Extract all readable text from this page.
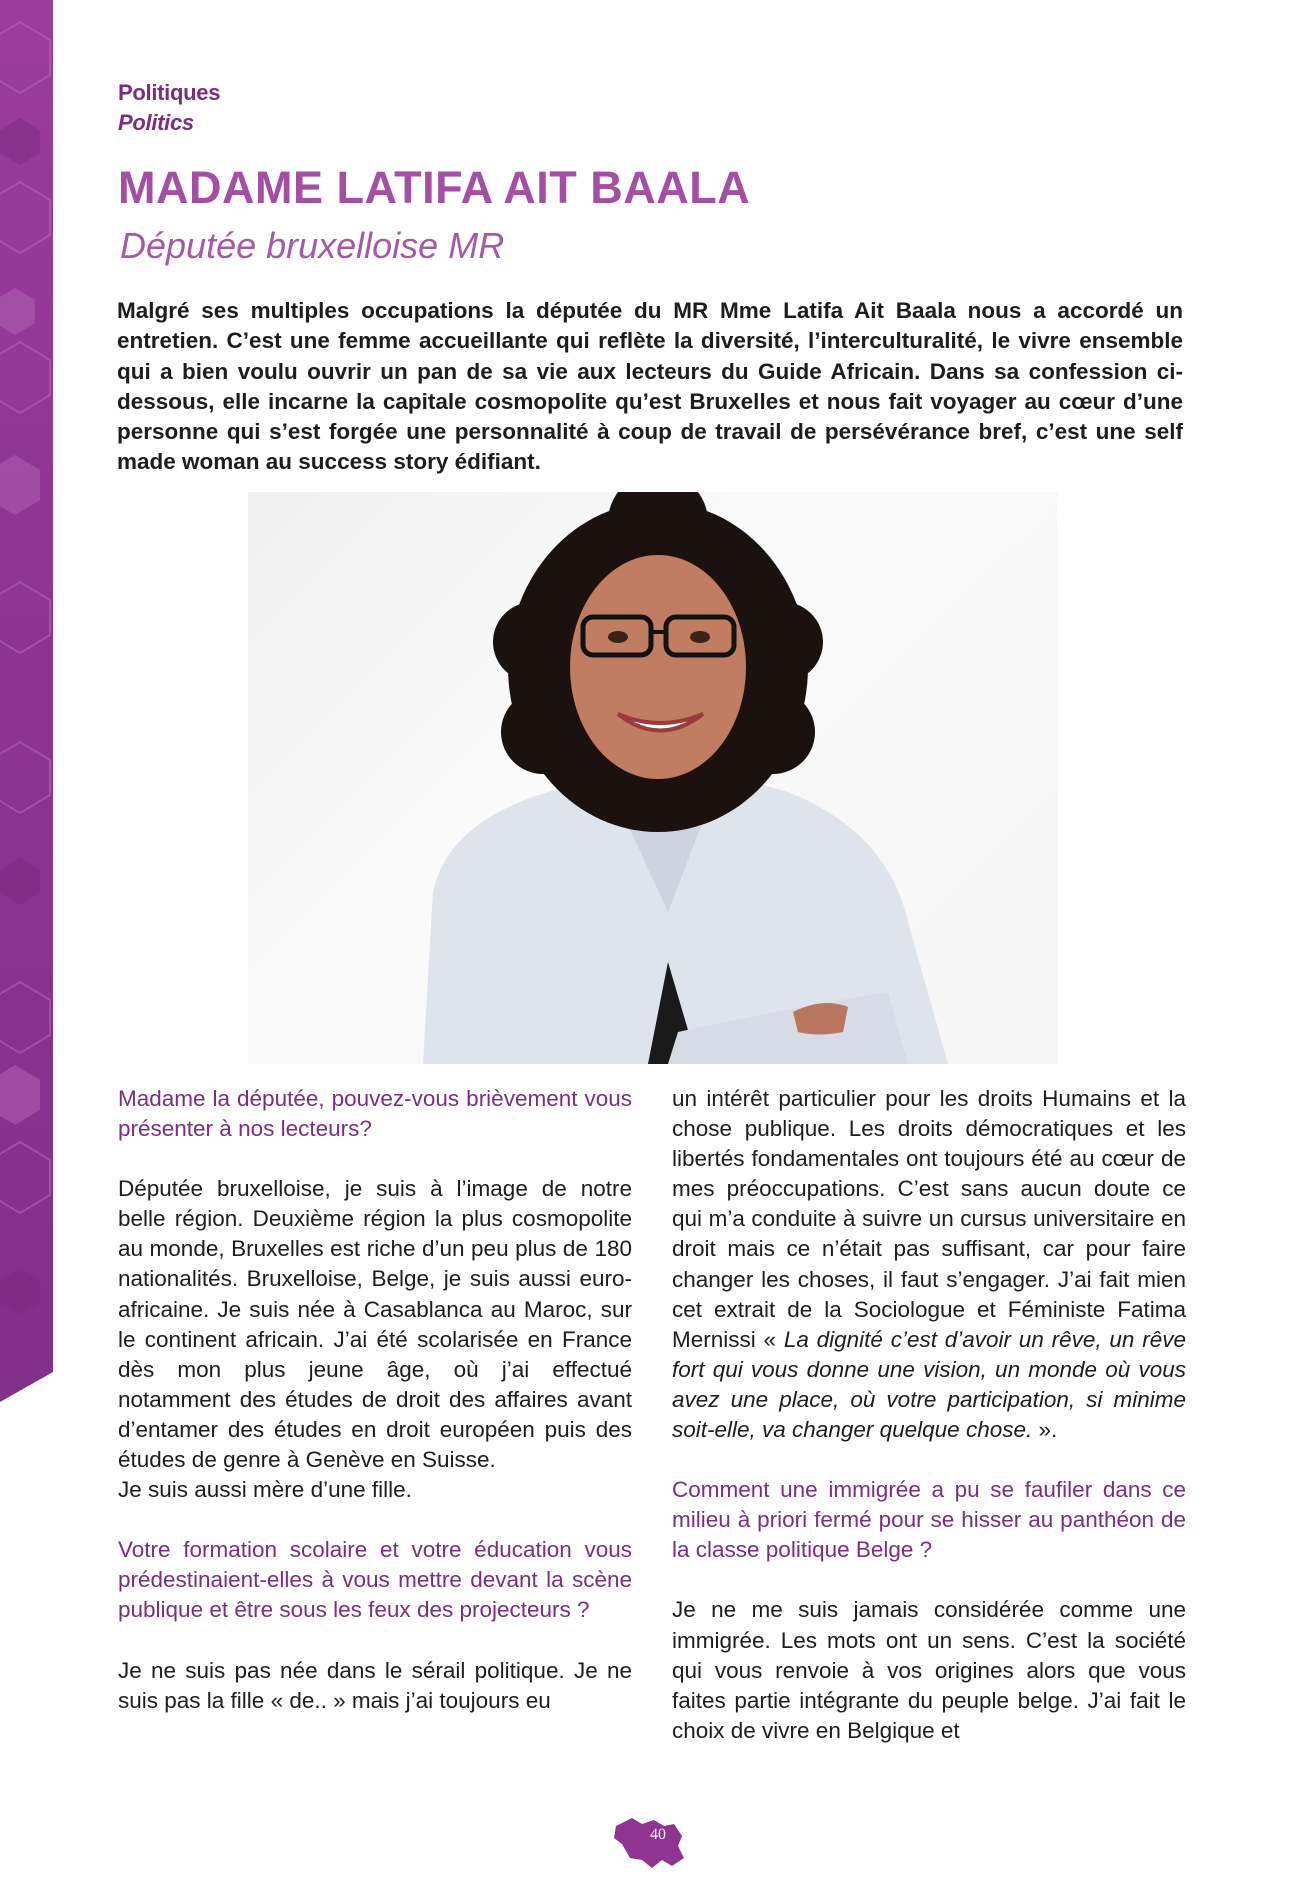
Politiques
Politics
MADAME LATIFA AIT BAALA
Députée bruxelloise MR
Malgré ses multiples occupations la députée du MR Mme Latifa Ait Baala nous a accordé un entretien. C’est une femme accueillante qui reflète la diversité, l’interculturalité, le vivre ensemble qui a bien voulu ouvrir un pan de sa vie aux lecteurs du Guide Africain. Dans sa confession ci-dessous, elle incarne la capitale cosmopolite qu’est Bruxelles et nous fait voyager au cœur d’une personne qui s’est forgée une personnalité à coup de travail de persévérance bref, c’est une self made woman au success story édifiant.

Madame la députée, pouvez-vous brièvement vous présenter à nos lecteurs?

Députée bruxelloise, je suis à l’image de notre belle région. Deuxième région la plus cosmopolite au monde, Bruxelles est riche d’un peu plus de 180 nationalités. Bruxelloise, Belge, je suis aussi euro-africaine. Je suis née à Casablanca au Maroc, sur le continent africain. J’ai été scolarisée en France dès mon plus jeune âge, où j’ai effectué notamment des études de droit des affaires avant d’entamer des études en droit européen puis des études de genre à Genève en Suisse.

Je suis aussi mère d’une fille.

Votre formation scolaire et votre éducation vous prédestinaient-elles à vous mettre devant la scène publique et être sous les feux des projecteurs ?

Je ne suis pas née dans le sérail politique. Je ne suis pas la fille « de.. » mais j’ai toujours eu

un intérêt particulier pour les droits Humains et la chose publique. Les droits démocratiques et les libertés fondamentales ont toujours été au cœur de mes préoccupations. C’est sans aucun doute ce qui m’a conduite à suivre un cursus universitaire en droit mais ce n’était pas suffisant, car pour faire changer les choses, il faut s’engager. J’ai fait mien cet extrait de la Sociologue et Féministe Fatima Mernissi « La dignité c’est d’avoir un rêve, un rêve fort qui vous donne une vision, un monde où vous avez une place, où votre participation, si minime soit-elle, va changer quelque chose. ».

Comment une immigrée a pu se faufiler dans ce milieu à priori fermé pour se hisser au panthéon de la classe politique Belge ?

Je ne me suis jamais considérée comme une immigrée. Les mots ont un sens. C’est la société qui vous renvoie à vos origines alors que vous faites partie intégrante du peuple belge. J’ai fait le choix de vivre en Belgique et

40
